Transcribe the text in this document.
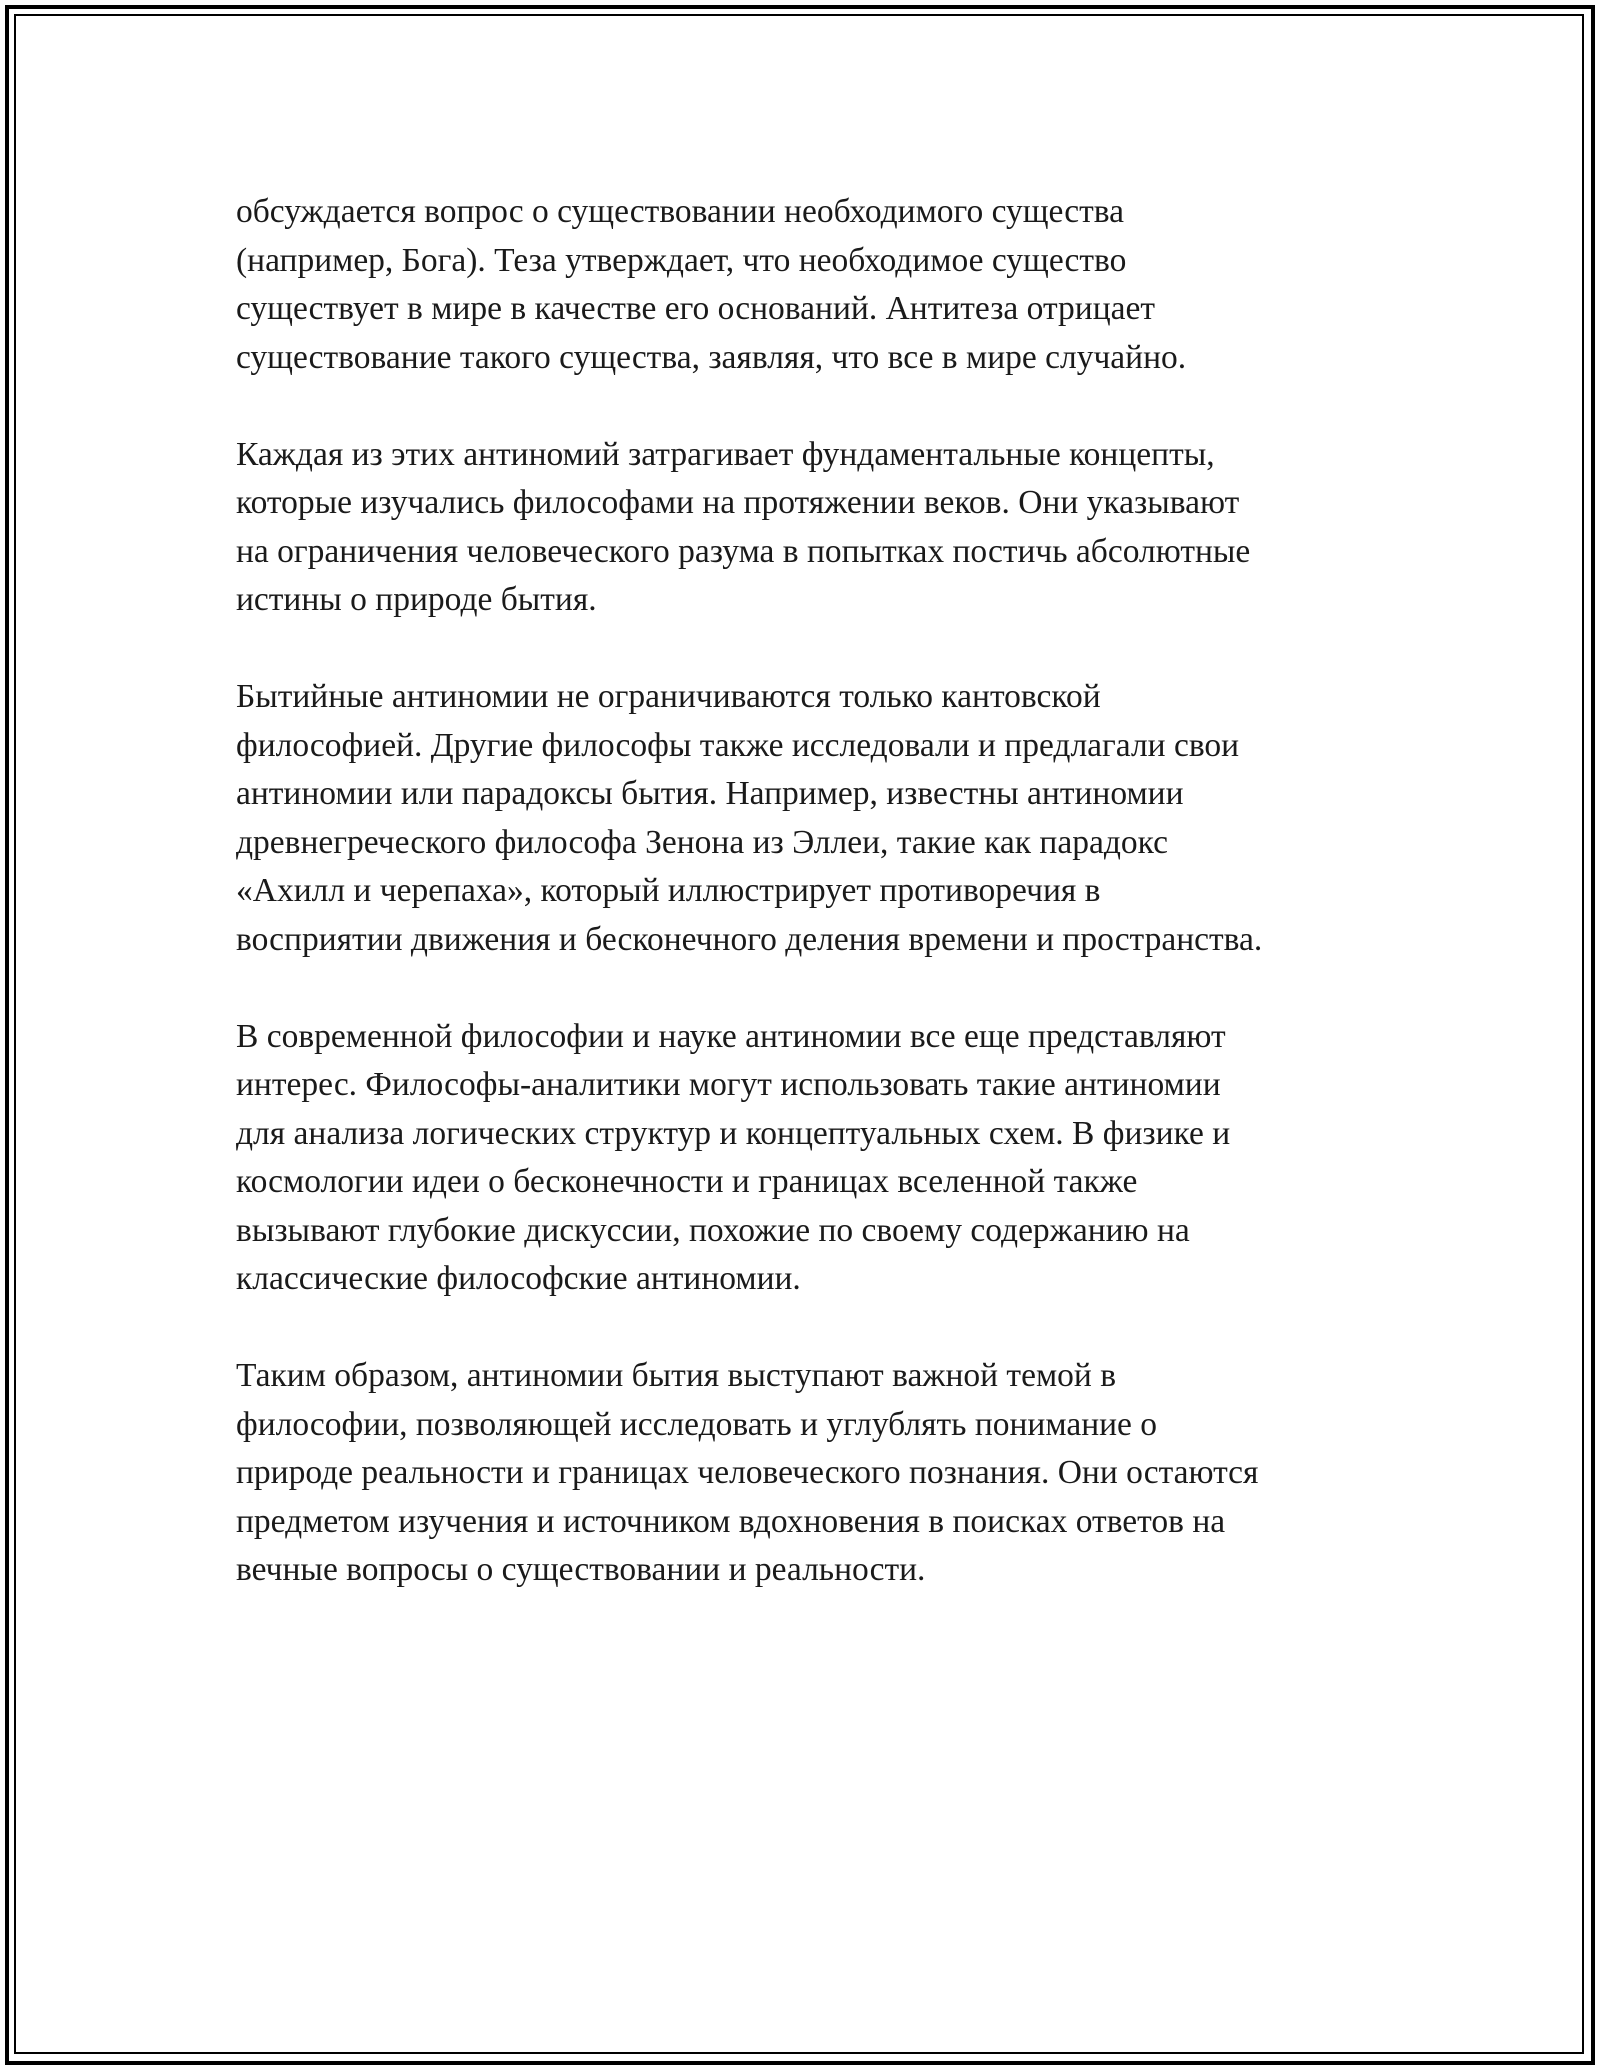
обсуждается вопрос о существовании необходимого существа
(например, Бога). Теза утверждает, что необходимое существо
существует в мире в качестве его оснований. Антитеза отрицает
существование такого существа, заявляя, что все в мире случайно.

Каждая из этих антиномий затрагивает фундаментальные концепты,
которые изучались философами на протяжении веков. Они указывают
на ограничения человеческого разума в попытках постичь абсолютные
истины о природе бытия.

Бытийные антиномии не ограничиваются только кантовской
философией. Другие философы также исследовали и предлагали свои
антиномии или парадоксы бытия. Например, известны антиномии
древнегреческого философа Зенона из Эллеи, такие как парадокс
«Ахилл и черепаха», который иллюстрирует противоречия в
восприятии движения и бесконечного деления времени и пространства.

В современной философии и науке антиномии все еще представляют
интерес. Философы-аналитики могут использовать такие антиномии
для анализа логических структур и концептуальных схем. В физике и
космологии идеи о бесконечности и границах вселенной также
вызывают глубокие дискуссии, похожие по своему содержанию на
классические философские антиномии.

Таким образом, антиномии бытия выступают важной темой в
философии, позволяющей исследовать и углублять понимание о
природе реальности и границах человеческого познания. Они остаются
предметом изучения и источником вдохновения в поисках ответов на
вечные вопросы о существовании и реальности.
